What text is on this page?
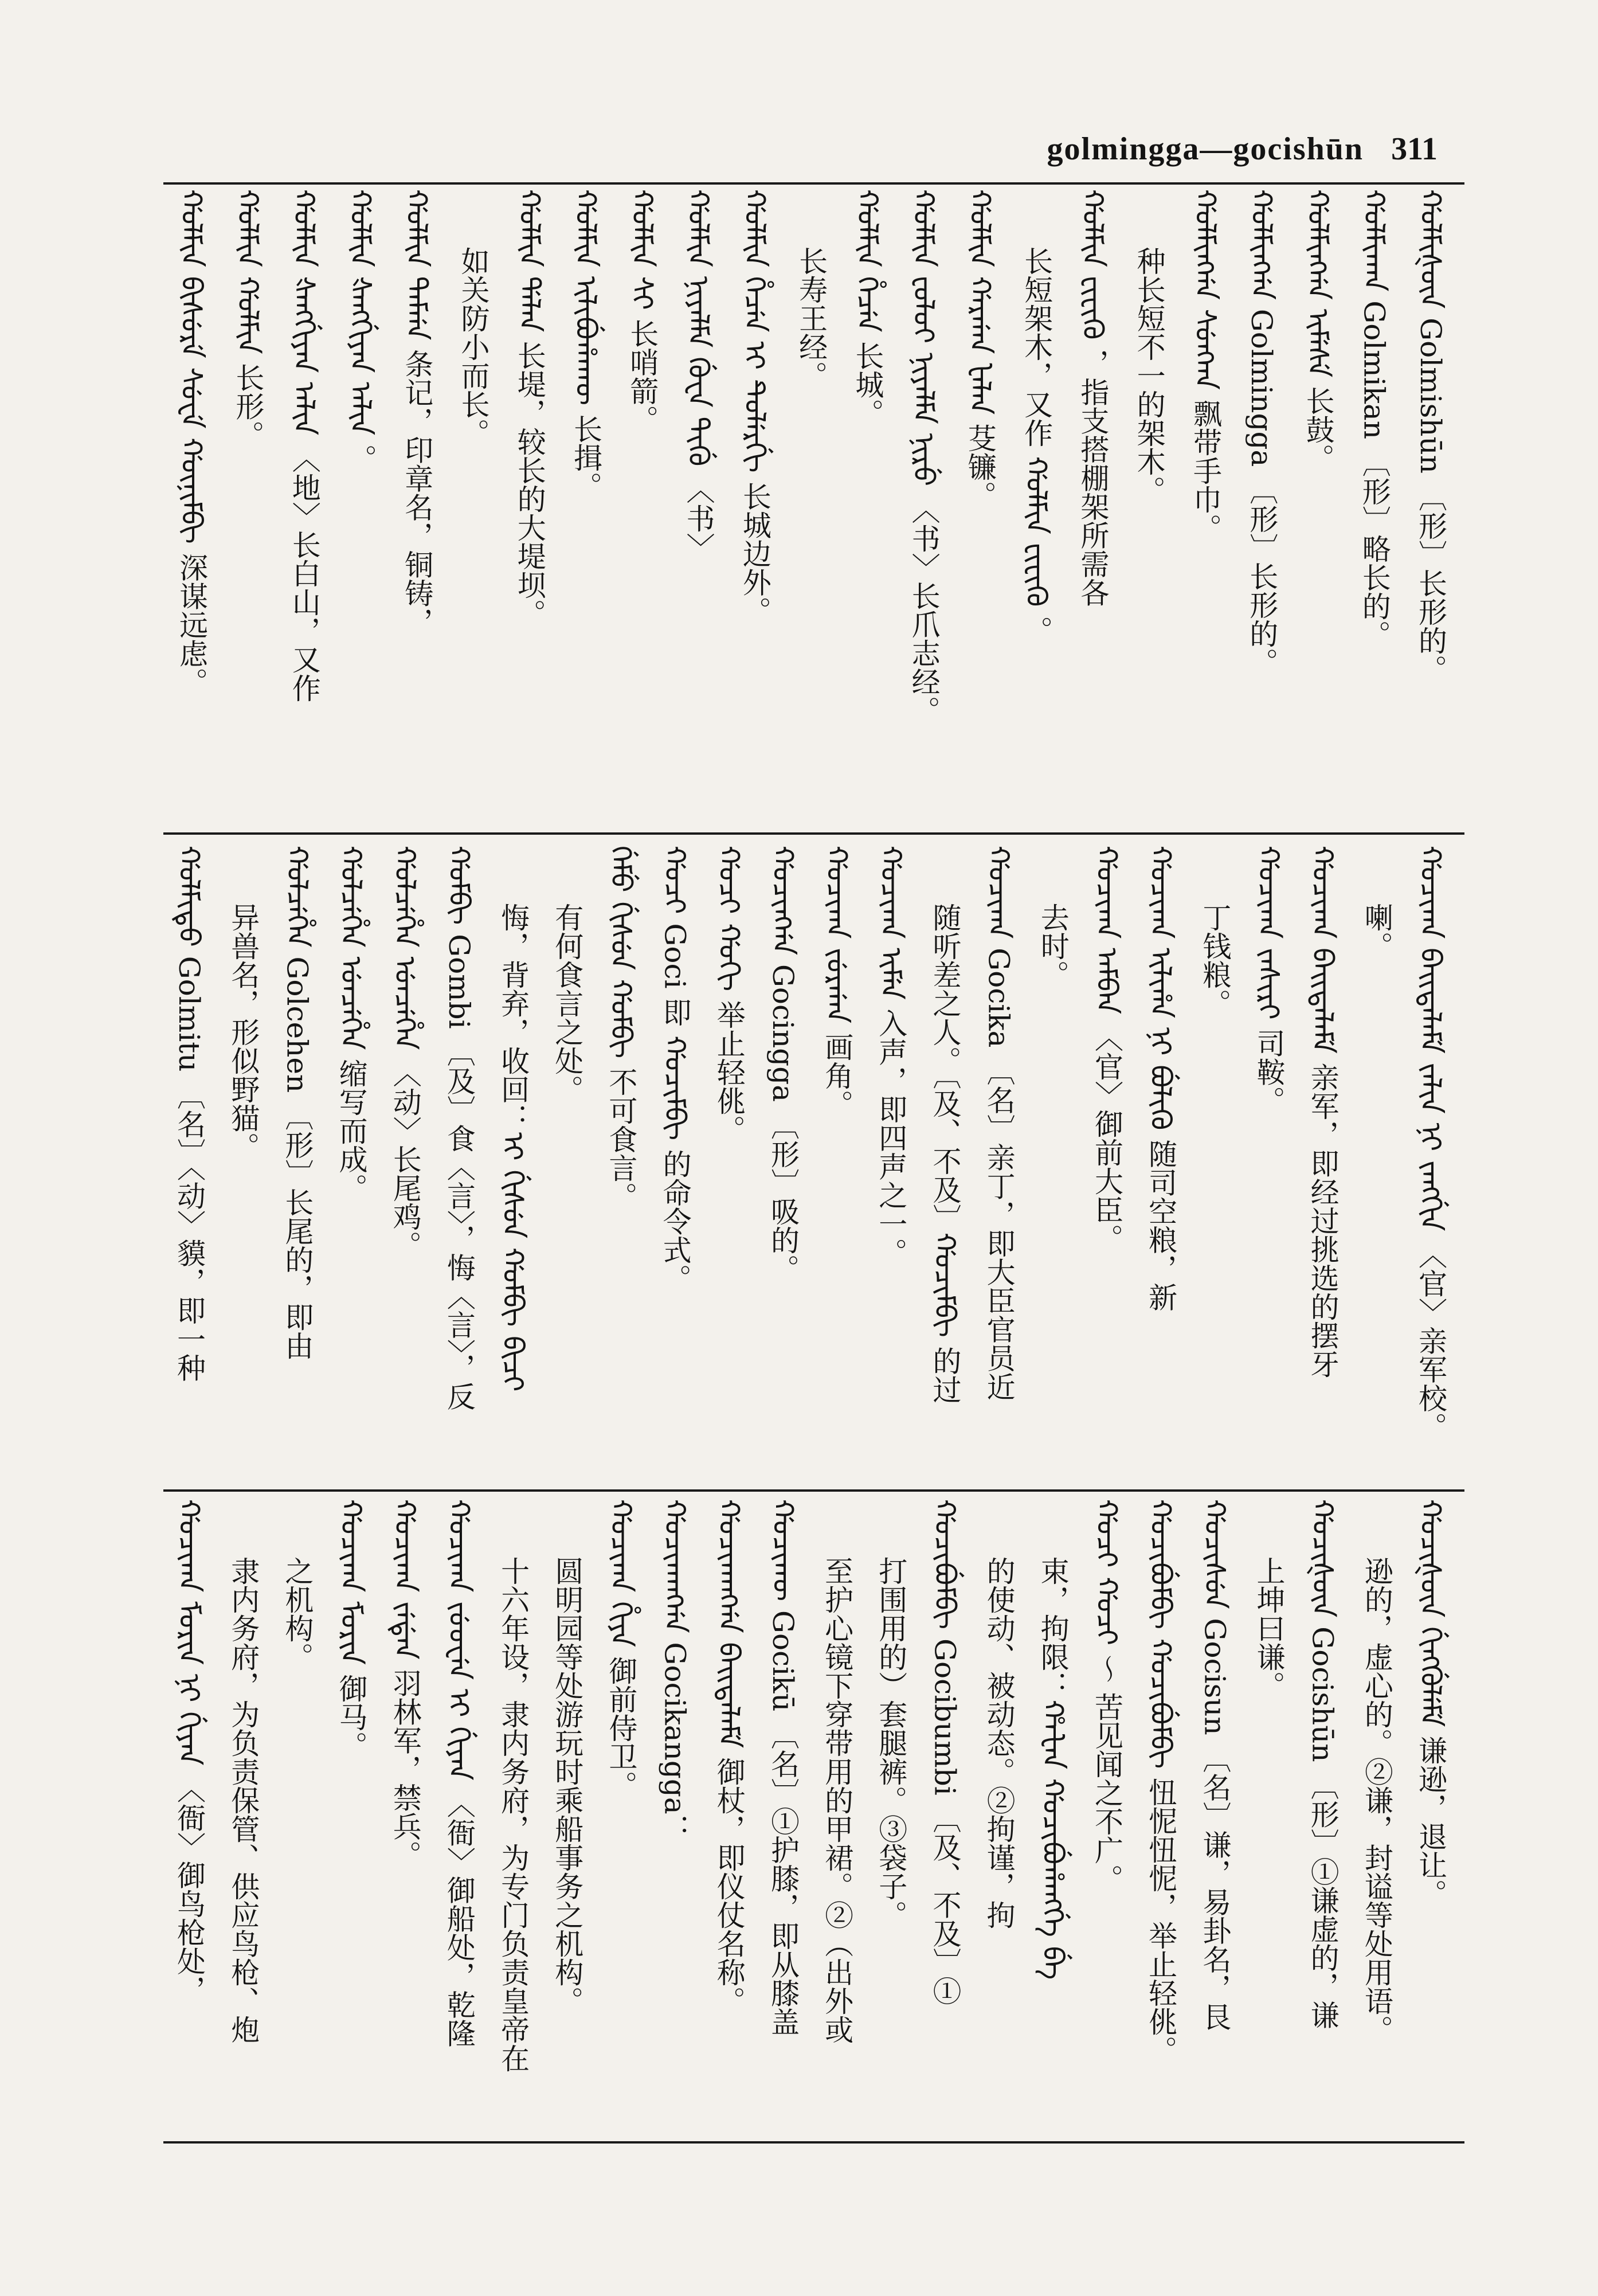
golmingga—gocishūn 311
ᡤᠣᠯᠮᡳᡧᡡᠨ Golmishūn 〔形〕长形的。
ᡤᠣᠯᠮᡳᡴᠠᠨ Golmikan 〔形〕略长的。
ᡤᠣᠯᠮᡳᠩᡤᠠ ᡳᠮᡝᠰᡝ 长鼓。
ᡤᠣᠯᠮᡳᠩᡤᠠ Golmingga 〔形〕长形的。
ᡤᠣᠯᠮᡳᠩᡤᠠ ᠰᡠᠩᡴᠠ 飘带手巾。
种长短不一的架木。
ᡤᠣᠯᠮᡳᠨ ᡶᡳᡶᡳᡴᡠ ，指支搭棚架所需各
长短架木，又作 ᡤᠣᠯᠮᡳᠨ ᡶᡳᡶᡳᡴᡠ 。
ᡤᠣᠯᠮᡳᠨ ᡤᠠᡵᡤᠠᠨ ᡶᠠᠯᠠᠨ 芟镰。
ᡤᠣᠯᠮᡳᠨ ᡶᠣᠯᠣᡳ ᠨᡳᠶᠠᠯᠮᠠ ᠨᡳᡵᡠ 〈书〉长爪志经。
ᡤᠣᠯᠮᡳᠨ ᡥᡝᠴᡝᠨ 长城。
长寿王经。
ᡤᠣᠯᠮᡳᠨ ᡥᡝᠴᡝᠨ ᡳ ᡨᡠᠯᡝᡵᡤᡳ 长城边外。
ᡤᠣᠯᠮᡳᠨ ᠨᡳᠶᠠᠯᠮᠠ ᡤᡠᠸᠠ ᡨᡳᡤᡠ 〈书〉
ᡤᠣᠯᠮᡳᠨ ᠰᡳ 长哨箭。
ᡤᠣᠯᠮᡳᠨ ᡳᠯᡳᠪᡠᡥᠠᡴᡡ 长揖。
ᡤᠣᠯᠮᡳᠨ ᡩᠠᠯᠠᠨ 长堤，较长的大堤坝。
如关防小而长。
ᡤᠣᠯᠮᡳᠨ ᡨᠠᠮᡤᠠ 条记，印章名，铜铸，
ᡤᠣᠯᠮᡳᠨ ᡧᠠᠩᡤᡳᠶᠠᠨ ᠠᠯᡳᠨ 。
ᡤᠣᠯᠮᡳᠨ ᡧᠠᠩᡤᡳᠶᠠᠨ ᠠᠯᡳᠨ 〈地〉长白山，又作
ᡤᠣᠯᠮᡳᠨ ᡤᠣᠯᠮᡳᠨ 长形。
ᡤᠣᠯᠮᡳᠨ ᠪᡳᠰᡠᡵᡝ ᠰᡠᠸᡝ ᡤᡡᠨᡳᠮᠪᡳ 深谋远虑。
ᡤᠣᠴᡳᡴᠠ ᠪᠠᡳᡨᠠᠯᠠᠮᡝ ᠵᠠᠯᡳᠨ ᠨᡳ ᠵᠠᠩᡤᡳᠨ 〈官〉亲军校。
喇。
ᡤᠣᠴᡳᡴᠠ ᠪᠠᡳᡨᠠᠯᠠᠮᡝ 亲军，即经过挑选的摆牙
ᡤᠣᠴᡳᡴᠠ ᠵᠠᠰᡳᡵᡳ 司鞍。
丁钱粮。
ᡤᠣᠴᡳᡴᠠ ᡳᠯᡳᡥᠠ ᠨᡳ ᠪᡠᠯᡳᡴᡠ 随司空粮，新
ᡤᠣᠴᡳᡴᠠ ᠠᠮᠪᠠᠨ 〈官〉御前大臣。
去时。
ᡤᠣᠴᡳᡴᠠ Gocika 〔名〕亲丁，即大臣官员近
随听差之人。〔及、不及〕ᡤᠣᠴᡳᠮᠪᡳ 的过
ᡤᠣᠴᡳᡴᠠ ᡳᠮᡝᠨ 入声，即四声之一。
ᡤᠣᠴᡳᡴᠠ ᠵᡠᡵᡤᠠᠨ 画角。
ᡤᠣᠴᡳᠩᡤᠠ Gocingga 〔形〕吸的。
ᡤᠣᠴᡳ ᡤᠣᡴᡳ 举止轻佻。
ᡤᠣᠴᡳ Goci 即 ᡤᠣᠴᡳᠮᠪᡳ 的命令式。
ᡤᡝᠮᡠ ᡤᡳᠰᡠᠨ ᡤᠣᠮᠪᡳ 不可食言。
有何食言之处。
悔，背弃，收回：ᡳ ᡤᡳᠰᡠᠨ ᡤᠣᠮᠪᡳ ᠪᡳᠴᡳ
ᡤᠣᠮᠪᡳ Gombi 〔及〕食〈言〉，悔〈言〉，反
ᡤᠣᠯᠴᡝᡥᡝᠨ ᡠᠨᠴᡝᡥᡝᠨ 〈动〉长尾鸡。
ᡤᠣᠯᠴᡝᡥᡝᠨ ᡠᠨᠴᡝᡥᡝᠨ 缩写而成。
ᡤᠣᠯᠴᡝᡥᡝᠨ Golcehen 〔形〕长尾的，即由
异兽名，形似野猫。
ᡤᠣᠯᠮᡳᡨᡠ Golmitu 〔名〕〈动〉貘，即一种
ᡤᠣᠴᡳᡧᡡᠨ ᡤᡳᠩᡤᡠᠯᡝᠮᡝ 谦逊，退让。
逊的，虚心的。②谦，封谥等处用语。
ᡤᠣᠴᡳᡧᡡᠨ Gocishūn 〔形〕①谦虚的，谦
上坤曰谦。
ᡤᠣᠴᡳᠰᡠᠨ Gocisun 〔名〕谦，易卦名，艮
ᡤᠣᠴᡳᠪᡠᠮᠪᡳ ᡤᠣᠴᡳᠪᡠᠮᠪᡳ 忸怩忸怩，举止轻佻。
ᡤᠣᠴᡳ ᡤᠣᠴᡳ ～ 苦见闻之不广。
束，拘限：ᡥᠠᡶᠠᠨ ᡤᠣᠴᡳᠪᡠᡥᠠᠩᡤᡝ ᠪᡝ
的使动、被动态。②拘谨，拘
ᡤᠣᠴᡳᠪᡠᠮᠪᡳ Gocibumbi 〔及、不及〕①
打围用的）套腿裤。③袋子。
至护心镜下穿带用的甲裙。②（出外或
ᡤᠣᠴᡳᡴᡡ Gocikū 〔名〕①护膝，即从膝盖
ᡤᠣᠴᡳᡴᠠᠩᡤᠠ ᠪᠠᡳᡨᠠᠯᠠᠮᡝ 御杖，即仪仗名称。
ᡤᠣᠴᡳᡴᠠᠩᡤᠠ Gocikangga：
ᡤᠣᠴᡳᡴᠠ ᡥᡳᠶᠠ 御前侍卫。
圆明园等处游玩时乘船事务之机构。
十六年设，隶内务府，为专门负责皇帝在
ᡤᠣᠴᡳᡴᠠ ᠵᡠᡠᠸᡝᠨ ᡳ ᡤᡳᠶᠠᠨ 〈衙〉御船处，乾隆
ᡤᠣᠴᡳᡴᠠ ᠵᡝᡩᡝᠨ 羽林军，禁兵。
ᡤᠣᠴᡳᡴᠠ ᠮᠣᡵᡳᠨ 御马。
之机构。
隶内务府，为负责保管、供应鸟枪、炮
ᡤᠣᠴᡳᡴᠠ ᠮᠣᡵᡳᠨ ᠨᡳ ᡤᡳᠶᠠᠨ 〈衙〉御鸟枪处，
